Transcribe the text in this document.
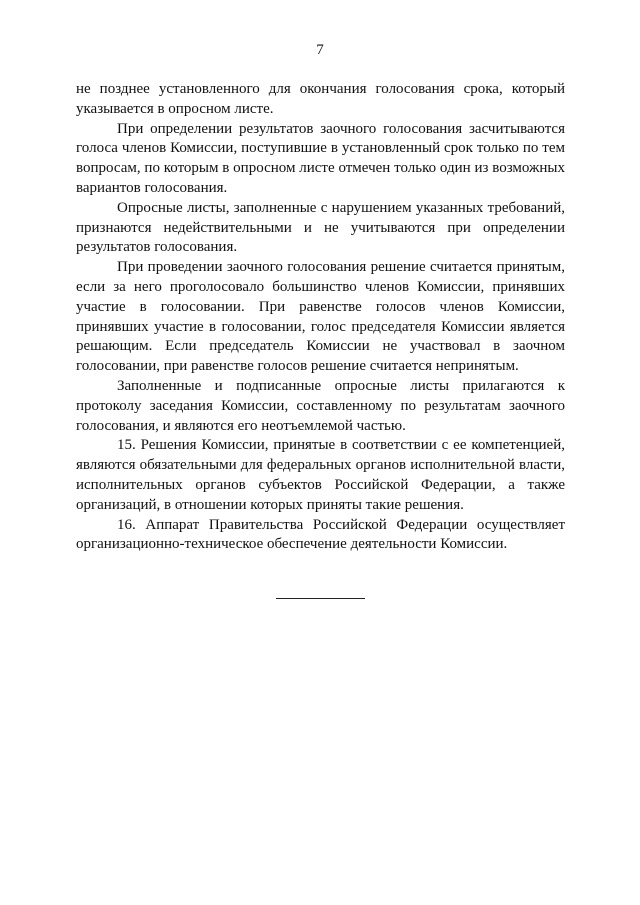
7

не позднее установленного для окончания голосования срока, который указывается в опросном листе.

При определении результатов заочного голосования засчитываются голоса членов Комиссии, поступившие в установленный срок только по тем вопросам, по которым в опросном листе отмечен только один из возможных вариантов голосования.

Опросные листы, заполненные с нарушением указанных требований, признаются недействительными и не учитываются при определении результатов голосования.

При проведении заочного голосования решение считается принятым, если за него проголосовало большинство членов Комиссии, принявших участие в голосовании. При равенстве голосов членов Комиссии, принявших участие в голосовании, голос председателя Комиссии является решающим. Если председатель Комиссии не участвовал в заочном голосовании, при равенстве голосов решение считается непринятым.

Заполненные и подписанные опросные листы прилагаются к протоколу заседания Комиссии, составленному по результатам заочного голосования, и являются его неотъемлемой частью.

15. Решения Комиссии, принятые в соответствии с ее компетенцией, являются обязательными для федеральных органов исполнительной власти, исполнительных органов субъектов Российской Федерации, а также организаций, в отношении которых приняты такие решения.

16. Аппарат Правительства Российской Федерации осуществляет организационно-техническое обеспечение деятельности Комиссии.
